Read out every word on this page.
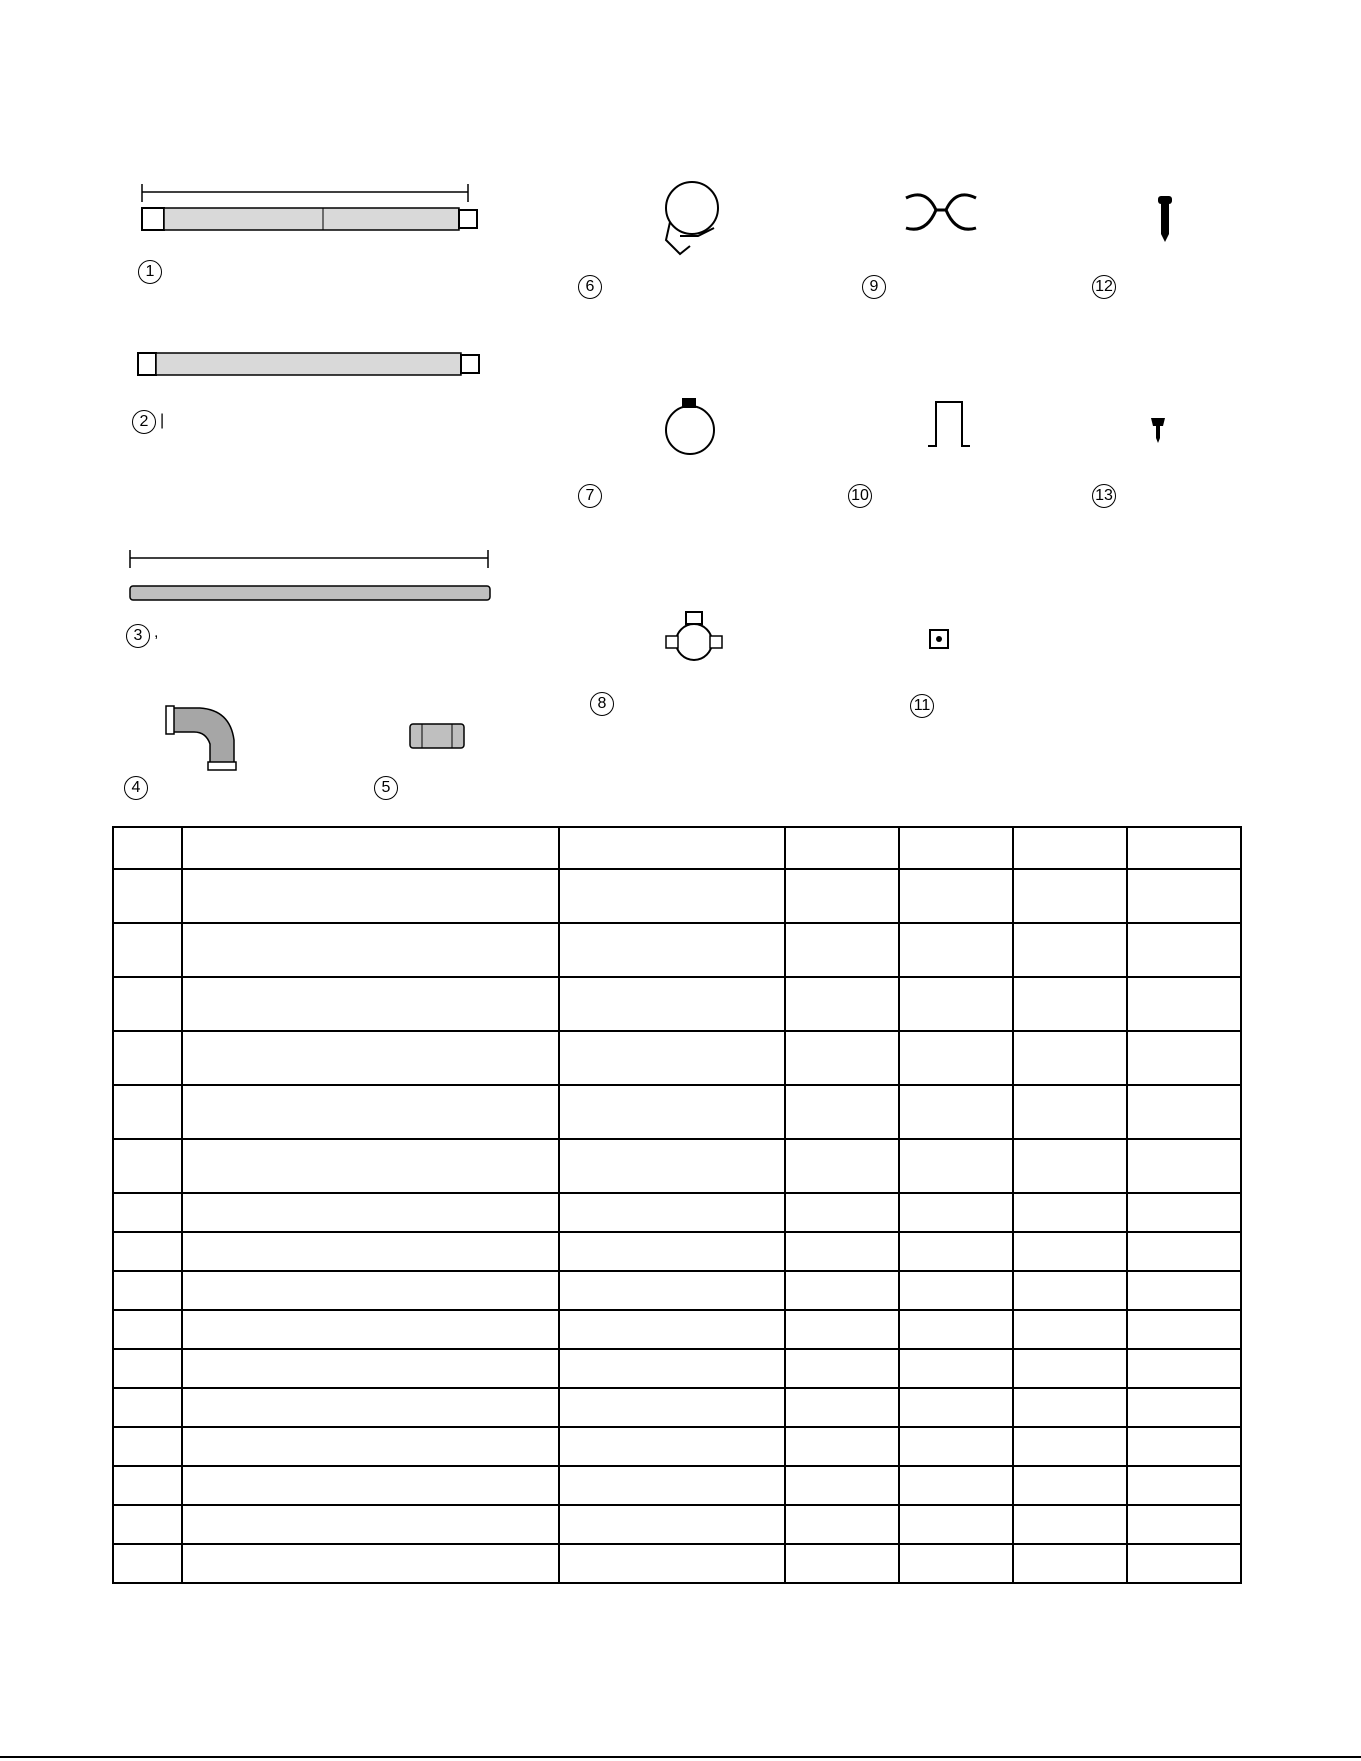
1
2 |
3 ,
4	5
6
7
8
9
10
11
12
13
